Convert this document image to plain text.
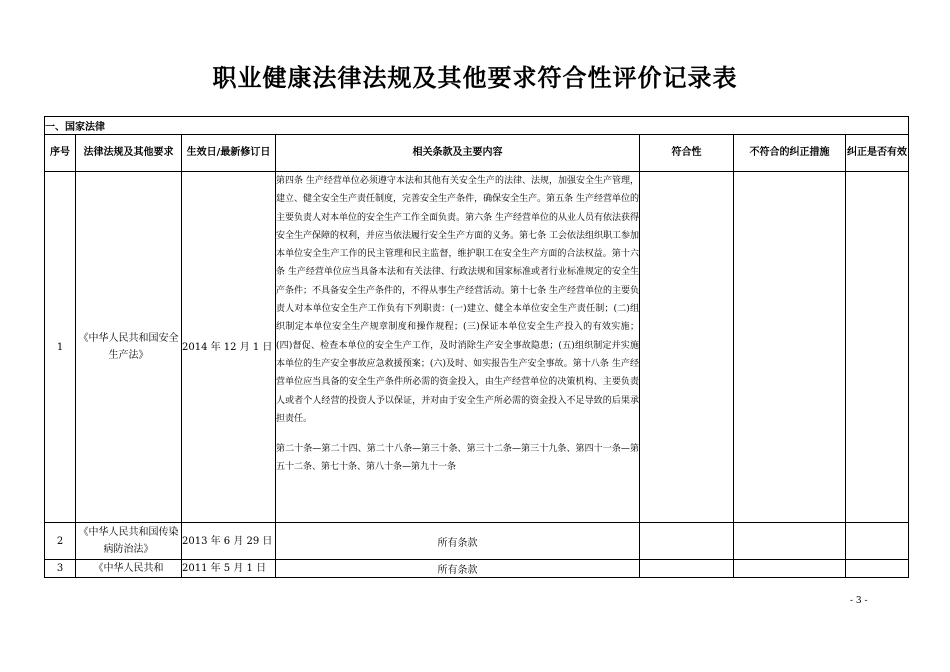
职业健康法律法规及其他要求符合性评价记录表
一、国家法律						
序号	法律法规及其他要求	生效日/最新修订日	相关条款及主要内容	符合性	不符合的纠正措施	纠正是否有效
1	《中华人民共和国安全生产法》	2014 年 12 月 1 日	第四条 生产经营单位必须遵守本法和其他有关安全生产的法律、法规，加强安全生产管理，建立、健全安全生产责任制度，完善安全生产条件，确保安全生产。第五条 生产经营单位的主要负责人对本单位的安全生产工作全面负责。第六条 生产经营单位的从业人员有依法获得安全生产保障的权利，并应当依法履行安全生产方面的义务。第七条 工会依法组织职工参加本单位安全生产工作的民主管理和民主监督，维护职工在安全生产方面的合法权益。第十六条 生产经营单位应当具备本法和有关法律、行政法规和国家标准或者行业标准规定的安全生产条件；不具备安全生产条件的，不得从事生产经营活动。第十七条 生产经营单位的主要负责人对本单位安全生产工作负有下列职责：(一)建立、健全本单位安全生产责任制；(二)组织制定本单位安全生产规章制度和操作规程；(三)保证本单位安全生产投入的有效实施；(四)督促、检查本单位的安全生产工作，及时消除生产安全事故隐患；(五)组织制定并实施本单位的生产安全事故应急救援预案；(六)及时、如实报告生产安全事故。第十八条 生产经营单位应当具备的安全生产条件所必需的资金投入，由生产经营单位的决策机构、主要负责人或者个人经营的投资人予以保证，并对由于安全生产所必需的资金投入不足导致的后果承担责任。

第二十条—第二十四、第二十八条—第三十条、第三十二条—第三十九条、第四十一条—第五十二条、第七十条、第八十条—第九十一条			

2	《中华人民共和国传染病防治法》	2013 年 6 月 29 日	所有条款			
3	《中华人民共和	2011 年 5 月 1 日	所有条款			
- 3 -
